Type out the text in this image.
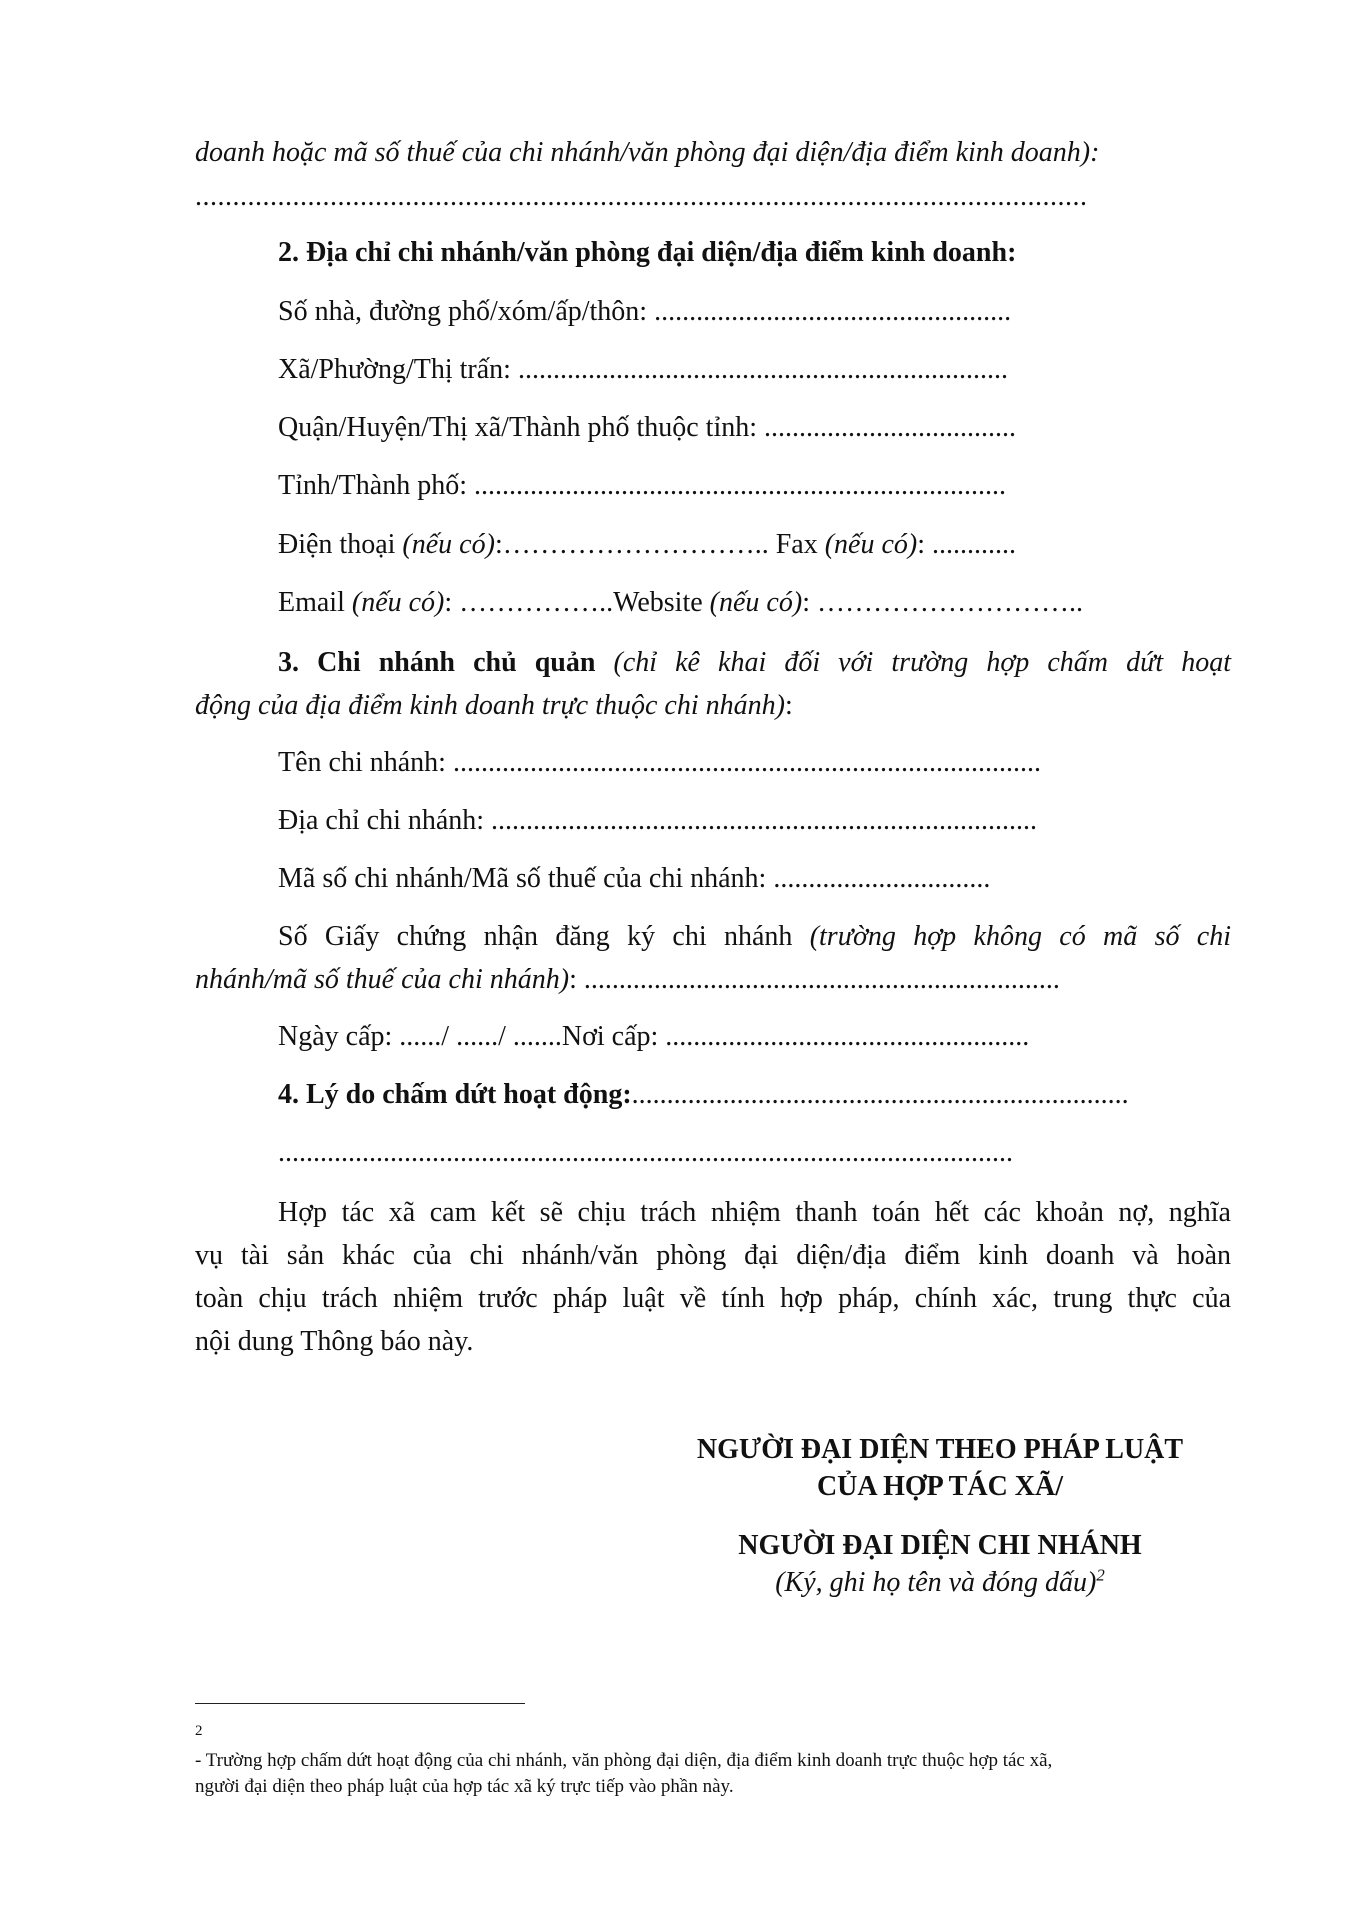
doanh hoặc mã số thuế của chi nhánh/văn phòng đại diện/địa điểm kinh doanh):
.......................................................................................................................
2. Địa chỉ chi nhánh/văn phòng đại diện/địa điểm kinh doanh:
Số nhà, đường phố/xóm/ấp/thôn: ...................................................
Xã/Phường/Thị trấn: ......................................................................
Quận/Huyện/Thị xã/Thành phố thuộc tỉnh: ....................................
Tỉnh/Thành phố: ............................................................................
Điện thoại (nếu có):……………………….. Fax (nếu có): ............
Email (nếu có): ……………..Website (nếu có): ………………………..
3. Chi nhánh chủ quản (chỉ kê khai đối với trường hợp chấm dứt hoạt
động của địa điểm kinh doanh trực thuộc chi nhánh):
Tên chi nhánh: ....................................................................................
Địa chỉ chi nhánh: ..............................................................................
Mã số chi nhánh/Mã số thuế của chi nhánh: ...............................
Số Giấy chứng nhận đăng ký chi nhánh (trường hợp không có mã số chi
nhánh/mã số thuế của chi nhánh): ....................................................................
Ngày cấp: ....../ ....../ .......Nơi cấp: ....................................................
4. Lý do chấm dứt hoạt động:.......................................................................
.........................................................................................................
Hợp tác xã cam kết sẽ chịu trách nhiệm thanh toán hết các khoản nợ, nghĩa
vụ tài sản khác của chi nhánh/văn phòng đại diện/địa điểm kinh doanh và hoàn
toàn chịu trách nhiệm trước pháp luật về tính hợp pháp, chính xác, trung thực của
nội dung Thông báo này.
NGƯỜI ĐẠI DIỆN THEO PHÁP LUẬT
CỦA HỢP TÁC XÃ/
NGƯỜI ĐẠI DIỆN CHI NHÁNH
(Ký, ghi họ tên và đóng dấu)$^2$
2
- Trường hợp chấm dứt hoạt động của chi nhánh, văn phòng đại diện, địa điểm kinh doanh trực thuộc hợp tác xã,
người đại diện theo pháp luật của hợp tác xã ký trực tiếp vào phần này.
